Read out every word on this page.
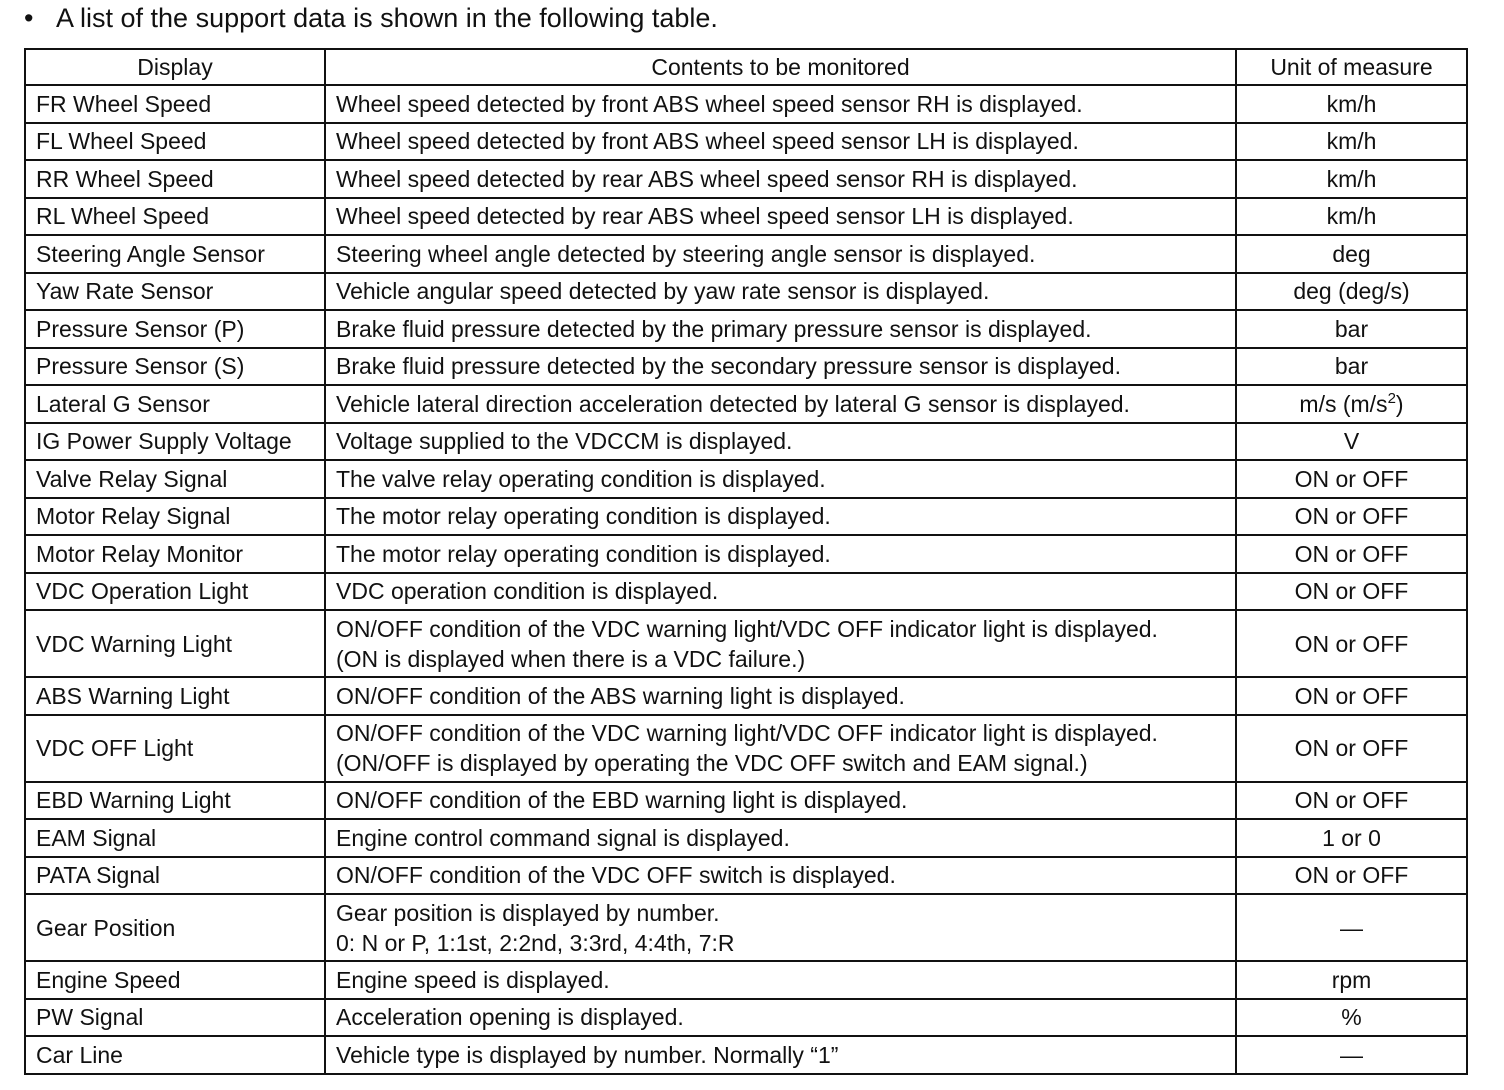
• A list of the support data is shown in the following table.
Display	Contents to be monitored	Unit of measure
FR Wheel Speed	Wheel speed detected by front ABS wheel speed sensor RH is displayed.	km/h
FL Wheel Speed	Wheel speed detected by front ABS wheel speed sensor LH is displayed.	km/h
RR Wheel Speed	Wheel speed detected by rear ABS wheel speed sensor RH is displayed.	km/h
RL Wheel Speed	Wheel speed detected by rear ABS wheel speed sensor LH is displayed.	km/h
Steering Angle Sensor	Steering wheel angle detected by steering angle sensor is displayed.	deg
Yaw Rate Sensor	Vehicle angular speed detected by yaw rate sensor is displayed.	deg (deg/s)
Pressure Sensor (P)	Brake fluid pressure detected by the primary pressure sensor is displayed.	bar
Pressure Sensor (S)	Brake fluid pressure detected by the secondary pressure sensor is displayed.	bar
Lateral G Sensor	Vehicle lateral direction acceleration detected by lateral G sensor is displayed.	m/s $(m/s^2)$
IG Power Supply Voltage	Voltage supplied to the VDCCM is displayed.	V
Valve Relay Signal	The valve relay operating condition is displayed.	ON or OFF
Motor Relay Signal	The motor relay operating condition is displayed.	ON or OFF
Motor Relay Monitor	The motor relay operating condition is displayed.	ON or OFF
VDC Operation Light	VDC operation condition is displayed.	ON or OFF
VDC Warning Light	ON/OFF condition of the VDC warning light/VDC OFF indicator light is displayed.
(ON is displayed when there is a VDC failure.)	ON or OFF
ABS Warning Light	ON/OFF condition of the ABS warning light is displayed.	ON or OFF
VDC OFF Light	ON/OFF condition of the VDC warning light/VDC OFF indicator light is displayed.
(ON/OFF is displayed by operating the VDC OFF switch and EAM signal.)	ON or OFF
EBD Warning Light	ON/OFF condition of the EBD warning light is displayed.	ON or OFF
EAM Signal	Engine control command signal is displayed.	1 or 0
PATA Signal	ON/OFF condition of the VDC OFF switch is displayed.	ON or OFF
Gear Position	Gear position is displayed by number.
0: N or P, 1:1st, 2:2nd, 3:3rd, 4:4th, 7:R	—
Engine Speed	Engine speed is displayed.	rpm
PW Signal	Acceleration opening is displayed.	%
Car Line	Vehicle type is displayed by number. Normally “1”	—
